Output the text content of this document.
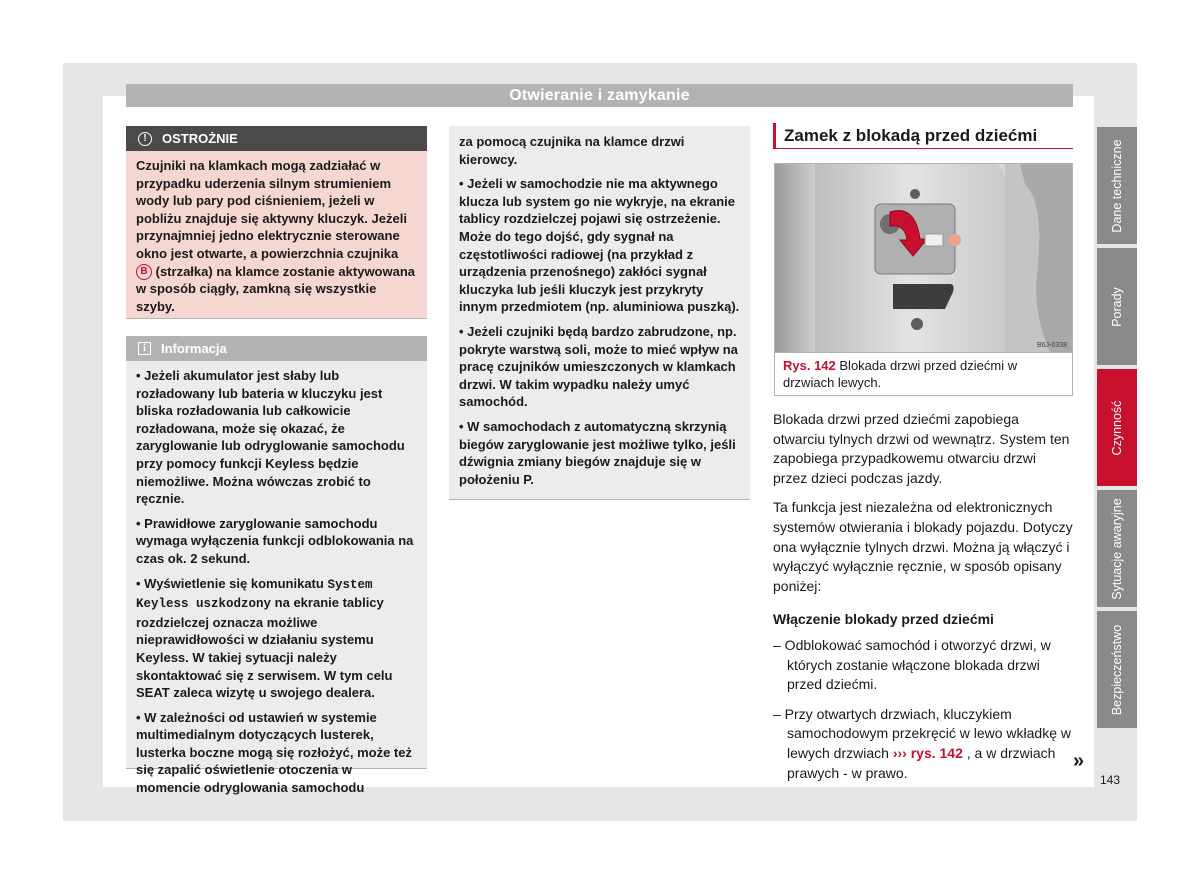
Otwieranie i zamykanie
!	OSTROŻNIE
Czujniki na klamkach mogą zadziałać w przypadku uderzenia silnym strumieniem wody lub pary pod ciśnieniem, jeżeli w pobliżu znajduje się aktywny kluczyk. Jeżeli przynajmniej jedno elektrycznie sterowane okno jest otwarte, a powierzchnia czujnika B (strzałka) na klamce zostanie aktywowana w sposób ciągły, zamkną się wszystkie szyby.
i	Informacja

• Jeżeli akumulator jest słaby lub rozładowany lub bateria w kluczyku jest bliska rozładowania lub całkowicie rozładowana, może się okazać, że zaryglowanie lub odryglowanie samochodu przy pomocy funkcji Keyless będzie niemożliwe. Można wówczas zrobić to ręcznie.

• Prawidłowe zaryglowanie samochodu wymaga wyłączenia funkcji odblokowania na czas ok. 2 sekund.

• Wyświetlenie się komunikatu System Keyless uszkodzony na ekranie tablicy rozdzielczej oznacza możliwe nieprawidłowości w działaniu systemu Keyless. W takiej sytuacji należy skontaktować się z serwisem. W tym celu SEAT zaleca wizytę u swojego dealera.

• W zależności od ustawień w systemie multimedialnym dotyczących lusterek, lusterka boczne mogą się rozłożyć, może też się zapalić oświetlenie otoczenia w momencie odryglowania samochodu

za pomocą czujnika na klamce drzwi kierowcy.

• Jeżeli w samochodzie nie ma aktywnego klucza lub system go nie wykryje, na ekranie tablicy rozdzielczej pojawi się ostrzeżenie. Może do tego dojść, gdy sygnał na częstotliwości radiowej (na przykład z urządzenia przenośnego) zakłóci sygnał kluczyka lub jeśli kluczyk jest przykryty innym przedmiotem (np. aluminiowa puszką).

• Jeżeli czujniki będą bardzo zabrudzone, np. pokryte warstwą soli, może to mieć wpływ na pracę czujników umieszczonych w klamkach drzwi. W takim wypadku należy umyć samochód.

• W samochodach z automatyczną skrzynią biegów zaryglowanie jest możliwe tylko, jeśli dźwignia zmiany biegów znajduje się w położeniu P.

Zamek z blokadą przed dziećmi
B6J-0338
Rys. 142 Blokada drzwi przed dziećmi w drzwiach lewych.

Blokada drzwi przed dziećmi zapobiega otwarciu tylnych drzwi od wewnątrz. System ten zapobiega przypadkowemu otwarciu drzwi przez dzieci podczas jazdy.

Ta funkcja jest niezależna od elektronicznych systemów otwierania i blokady pojazdu. Dotyczy ona wyłącznie tylnych drzwi. Można ją włączyć i wyłączyć wyłącznie ręcznie, w sposób opisany poniżej:

Włączenie blokady przed dziećmi

– Odblokować samochód i otworzyć drzwi, w których zostanie włączone blokada drzwi przed dziećmi.

– Przy otwartych drzwiach, kluczykiem samochodowym przekręcić w lewo wkładkę w lewych drzwiach ››› rys. 142 , a w drzwiach prawych - w prawo.

»
Dane techniczne
Porady
Czynność
Sytuacje awaryjne
Bezpieczeństwo
143
